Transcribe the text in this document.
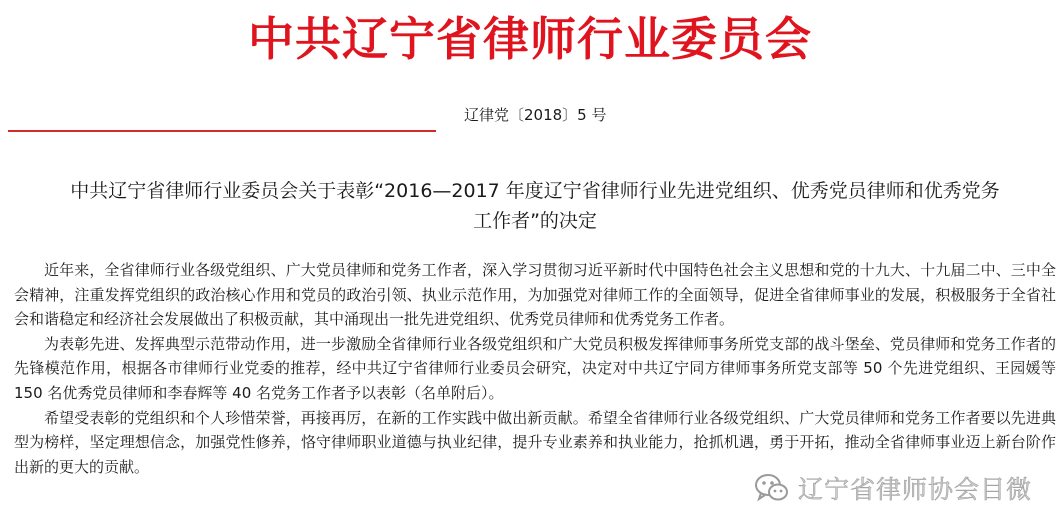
中共辽宁省律师行业委员会
辽律党〔2018〕5 号
中共辽宁省律师行业委员会关于表彰“2016—2017 年度辽宁省律师行业先进党组织、优秀党员律师和优秀党务
工作者”的决定

近年来，全省律师行业各级党组织、广大党员律师和党务工作者，深入学习贯彻习近平新时代中国特色社会主义思想和党的十九大、十九届二中、三中全会精神，注重发挥党组织的政治核心作用和党员的政治引领、执业示范作用，为加强党对律师工作的全面领导，促进全省律师事业的发展，积极服务于全省社会和谐稳定和经济社会发展做出了积极贡献，其中涌现出一批先进党组织、优秀党员律师和优秀党务工作者。

为表彰先进、发挥典型示范带动作用，进一步激励全省律师行业各级党组织和广大党员积极发挥律师事务所党支部的战斗堡垒、党员律师和党务工作者的先锋模范作用，根据各市律师行业党委的推荐，经中共辽宁省律师行业委员会研究，决定对中共辽宁同方律师事务所党支部等 50 个先进党组织、王园媛等 150 名优秀党员律师和李春辉等 40 名党务工作者予以表彰（名单附后）。

希望受表彰的党组织和个人珍惜荣誉，再接再厉，在新的工作实践中做出新贡献。希望全省律师行业各级党组织、广大党员律师和党务工作者要以先进典型为榜样，坚定理想信念，加强党性修养，恪守律师职业道德与执业纪律，提升专业素养和执业能力，抢抓机遇，勇于开拓，推动全省律师事业迈上新台阶作出新的更大的贡献。

辽宁省律师协会目微
